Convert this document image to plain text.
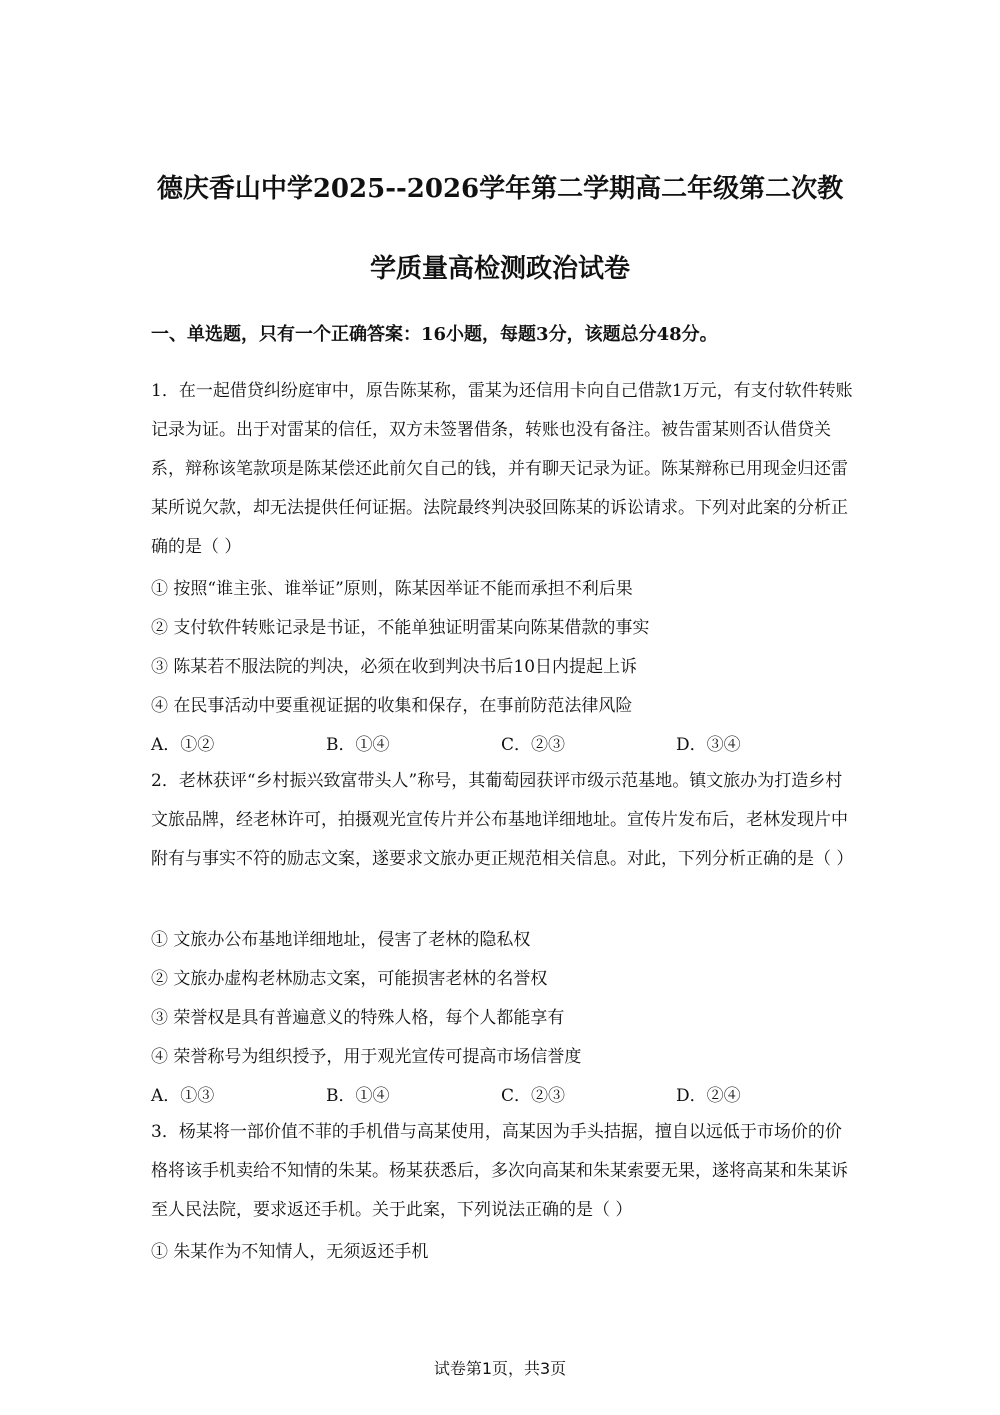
德庆香山中学2025--2026学年第二学期高二年级第二次教
学质量高检测政治试卷
一、单选题，只有一个正确答案：16小题，每题3分，该题总分48分。

1．在一起借贷纠纷庭审中，原告陈某称，雷某为还信用卡向自己借款1万元，有支付软件转账记录为证。出于对雷某的信任，双方未签署借条，转账也没有备注。被告雷某则否认借贷关系，辩称该笔款项是陈某偿还此前欠自己的钱，并有聊天记录为证。陈某辩称已用现金归还雷某所说欠款，却无法提供任何证据。法院最终判决驳回陈某的诉讼请求。下列对此案的分析正确的是（ ）

① 按照“谁主张、谁举证”原则，陈某因举证不能而承担不利后果
② 支付软件转账记录是书证，不能单独证明雷某向陈某借款的事实
③ 陈某若不服法院的判决，必须在收到判决书后10日内提起上诉
④ 在民事活动中要重视证据的收集和保存，在事前防范法律风险
A．①②	B．①④	C．②③	D．③④

2．老林获评“乡村振兴致富带头人”称号，其葡萄园获评市级示范基地。镇文旅办为打造乡村文旅品牌，经老林许可，拍摄观光宣传片并公布基地详细地址。宣传片发布后，老林发现片中附有与事实不符的励志文案，遂要求文旅办更正规范相关信息。对此，下列分析正确的是（ ）

① 文旅办公布基地详细地址，侵害了老林的隐私权
② 文旅办虚构老林励志文案，可能损害老林的名誉权
③ 荣誉权是具有普遍意义的特殊人格，每个人都能享有
④ 荣誉称号为组织授予，用于观光宣传可提高市场信誉度
A．①③	B．①④	C．②③	D．②④

3．杨某将一部价值不菲的手机借与高某使用，高某因为手头拮据，擅自以远低于市场价的价格将该手机卖给不知情的朱某。杨某获悉后，多次向高某和朱某索要无果，遂将高某和朱某诉至人民法院，要求返还手机。关于此案，下列说法正确的是（ ）

① 朱某作为不知情人，无须返还手机
试卷第1页，共3页
